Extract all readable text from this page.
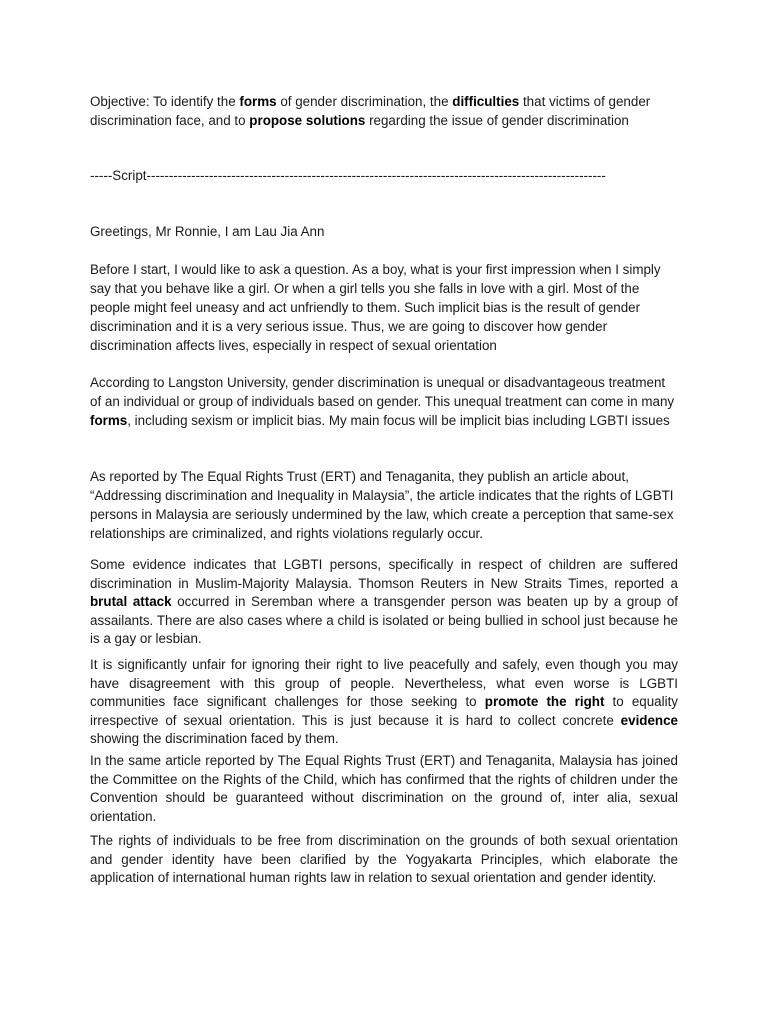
Objective: To identify the forms of gender discrimination, the difficulties that victims of gender discrimination face, and to propose solutions regarding the issue of gender discrimination

-----Script-------------------------------------------------------------------------------------------------------

Greetings, Mr Ronnie, I am Lau Jia Ann

Before I start, I would like to ask a question. As a boy, what is your first impression when I simply say that you behave like a girl. Or when a girl tells you she falls in love with a girl. Most of the people might feel uneasy and act unfriendly to them. Such implicit bias is the result of gender discrimination and it is a very serious issue. Thus, we are going to discover how gender discrimination affects lives, especially in respect of sexual orientation

According to Langston University, gender discrimination is unequal or disadvantageous treatment of an individual or group of individuals based on gender. This unequal treatment can come in many forms, including sexism or implicit bias. My main focus will be implicit bias including LGBTI issues

As reported by The Equal Rights Trust (ERT) and Tenaganita, they publish an article about, “Addressing discrimination and Inequality in Malaysia”, the article indicates that the rights of LGBTI persons in Malaysia are seriously undermined by the law, which create a perception that same-sex relationships are criminalized, and rights violations regularly occur.

Some evidence indicates that LGBTI persons, specifically in respect of children are suffered discrimination in Muslim-Majority Malaysia. Thomson Reuters in New Straits Times, reported a brutal attack occurred in Seremban where a transgender person was beaten up by a group of assailants. There are also cases where a child is isolated or being bullied in school just because he is a gay or lesbian.

It is significantly unfair for ignoring their right to live peacefully and safely, even though you may have disagreement with this group of people. Nevertheless, what even worse is LGBTI communities face significant challenges for those seeking to promote the right to equality irrespective of sexual orientation. This is just because it is hard to collect concrete evidence showing the discrimination faced by them.

In the same article reported by The Equal Rights Trust (ERT) and Tenaganita, Malaysia has joined the Committee on the Rights of the Child, which has confirmed that the rights of children under the Convention should be guaranteed without discrimination on the ground of, inter alia, sexual orientation.

The rights of individuals to be free from discrimination on the grounds of both sexual orientation and gender identity have been clarified by the Yogyakarta Principles, which elaborate the application of international human rights law in relation to sexual orientation and gender identity.
